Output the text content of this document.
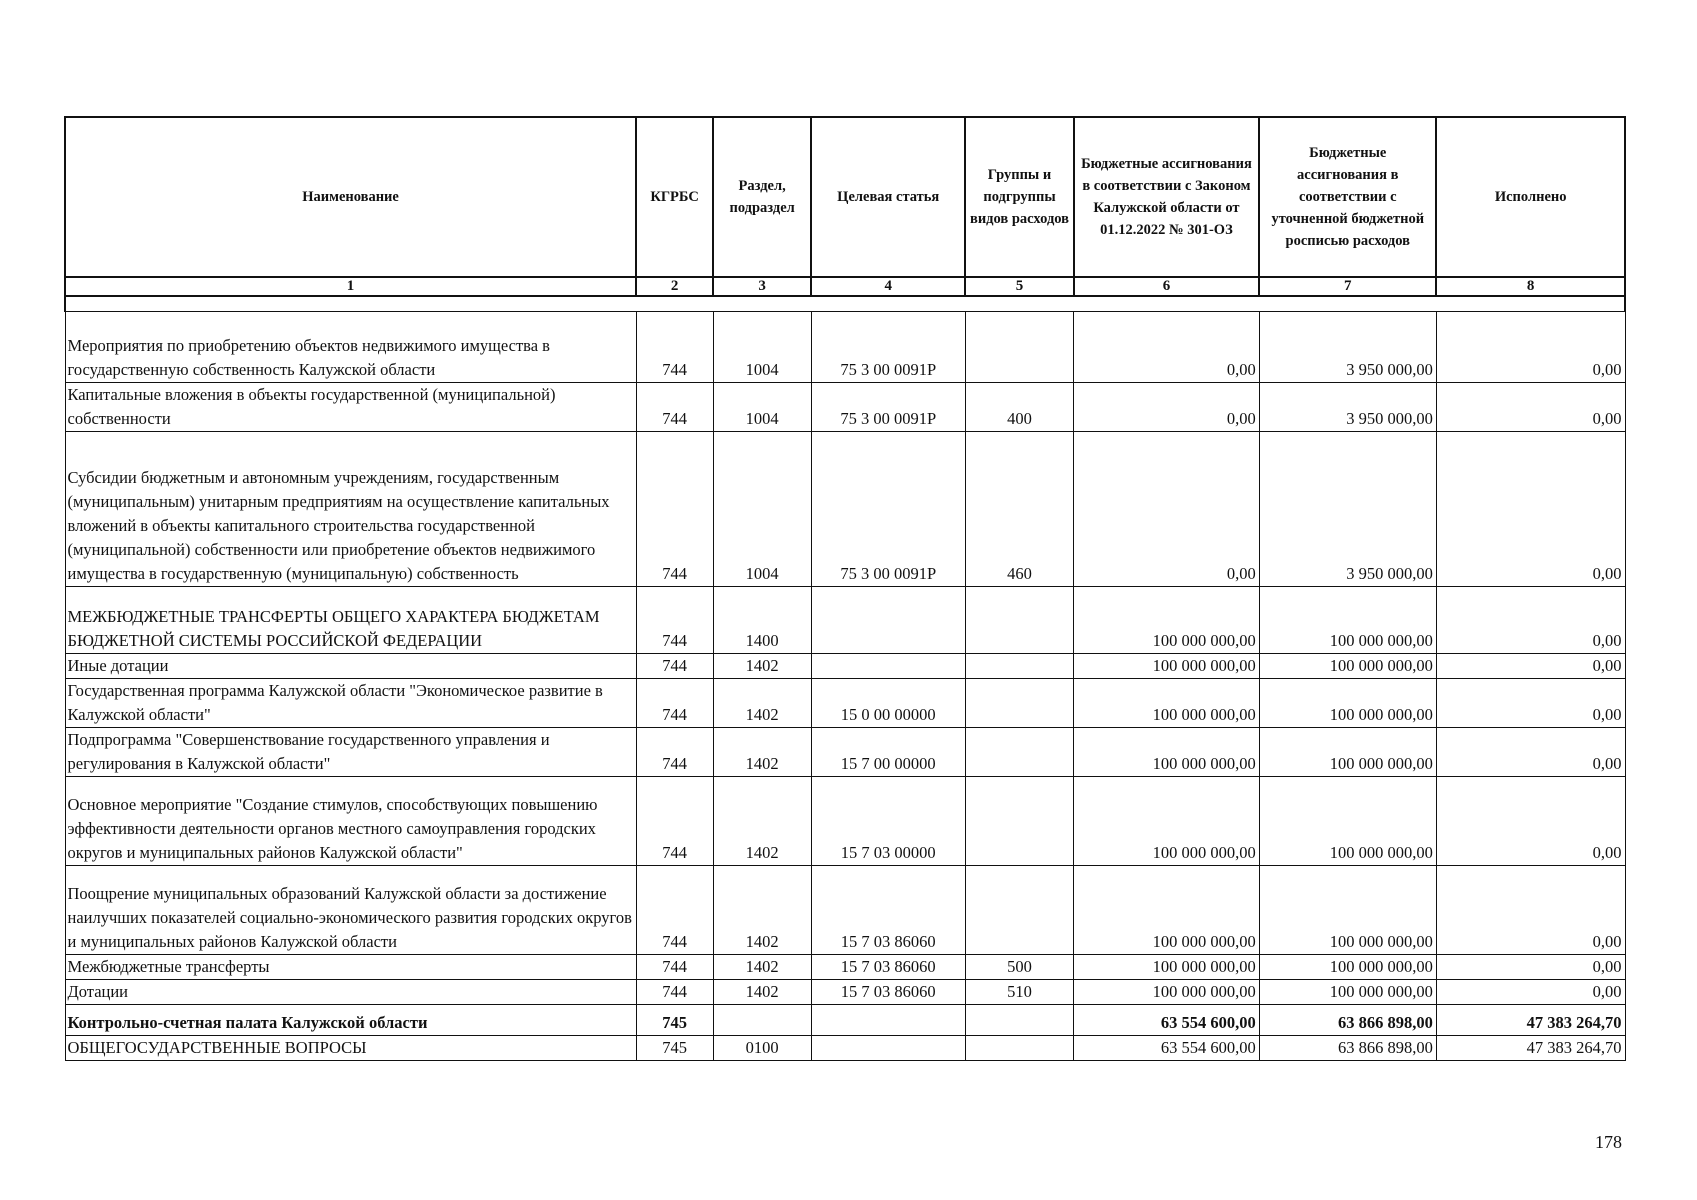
Наименование	КГРБС	Раздел, подраздел	Целевая статья	Группы и подгруппы видов расходов	Бюджетные ассигнования в соответствии с Законом Калужской области от 01.12.2022 № 301-ОЗ	Бюджетные ассигнования в соответствии с уточненной бюджетной росписью расходов	Исполнено
1	2	3	4	5	6	7	8

Мероприятия по приобретению объектов недвижимого имущества в государственную собственность Калужской области	744	1004	75 3 00 0091Р		0,00	3 950 000,00	0,00
Капитальные вложения в объекты государственной (муниципальной) собственности	744	1004	75 3 00 0091Р	400	0,00	3 950 000,00	0,00
Субсидии бюджетным и автономным учреждениям, государственным (муниципальным) унитарным предприятиям на осуществление капитальных вложений в объекты капитального строительства государственной (муниципальной) собственности или приобретение объектов недвижимого имущества в государственную (муниципальную) собственность	744	1004	75 3 00 0091Р	460	0,00	3 950 000,00	0,00
МЕЖБЮДЖЕТНЫЕ ТРАНСФЕРТЫ ОБЩЕГО ХАРАКТЕРА БЮДЖЕТАМ БЮДЖЕТНОЙ СИСТЕМЫ РОССИЙСКОЙ ФЕДЕРАЦИИ	744	1400			100 000 000,00	100 000 000,00	0,00
Иные дотации	744	1402			100 000 000,00	100 000 000,00	0,00
Государственная программа Калужской области "Экономическое развитие в Калужской области"	744	1402	15 0 00 00000		100 000 000,00	100 000 000,00	0,00
Подпрограмма "Совершенствование государственного управления и регулирования в Калужской области"	744	1402	15 7 00 00000		100 000 000,00	100 000 000,00	0,00
Основное мероприятие "Создание стимулов, способствующих повышению эффективности деятельности органов местного самоуправления городских округов и муниципальных районов Калужской области"	744	1402	15 7 03 00000		100 000 000,00	100 000 000,00	0,00
Поощрение муниципальных образований Калужской области за достижение наилучших показателей социально-экономического развития городских округов и муниципальных районов Калужской области	744	1402	15 7 03 86060		100 000 000,00	100 000 000,00	0,00
Межбюджетные трансферты	744	1402	15 7 03 86060	500	100 000 000,00	100 000 000,00	0,00
Дотации	744	1402	15 7 03 86060	510	100 000 000,00	100 000 000,00	0,00
Контрольно-счетная палата Калужской области	745				63 554 600,00	63 866 898,00	47 383 264,70
ОБЩЕГОСУДАРСТВЕННЫЕ ВОПРОСЫ	745	0100			63 554 600,00	63 866 898,00	47 383 264,70
178
